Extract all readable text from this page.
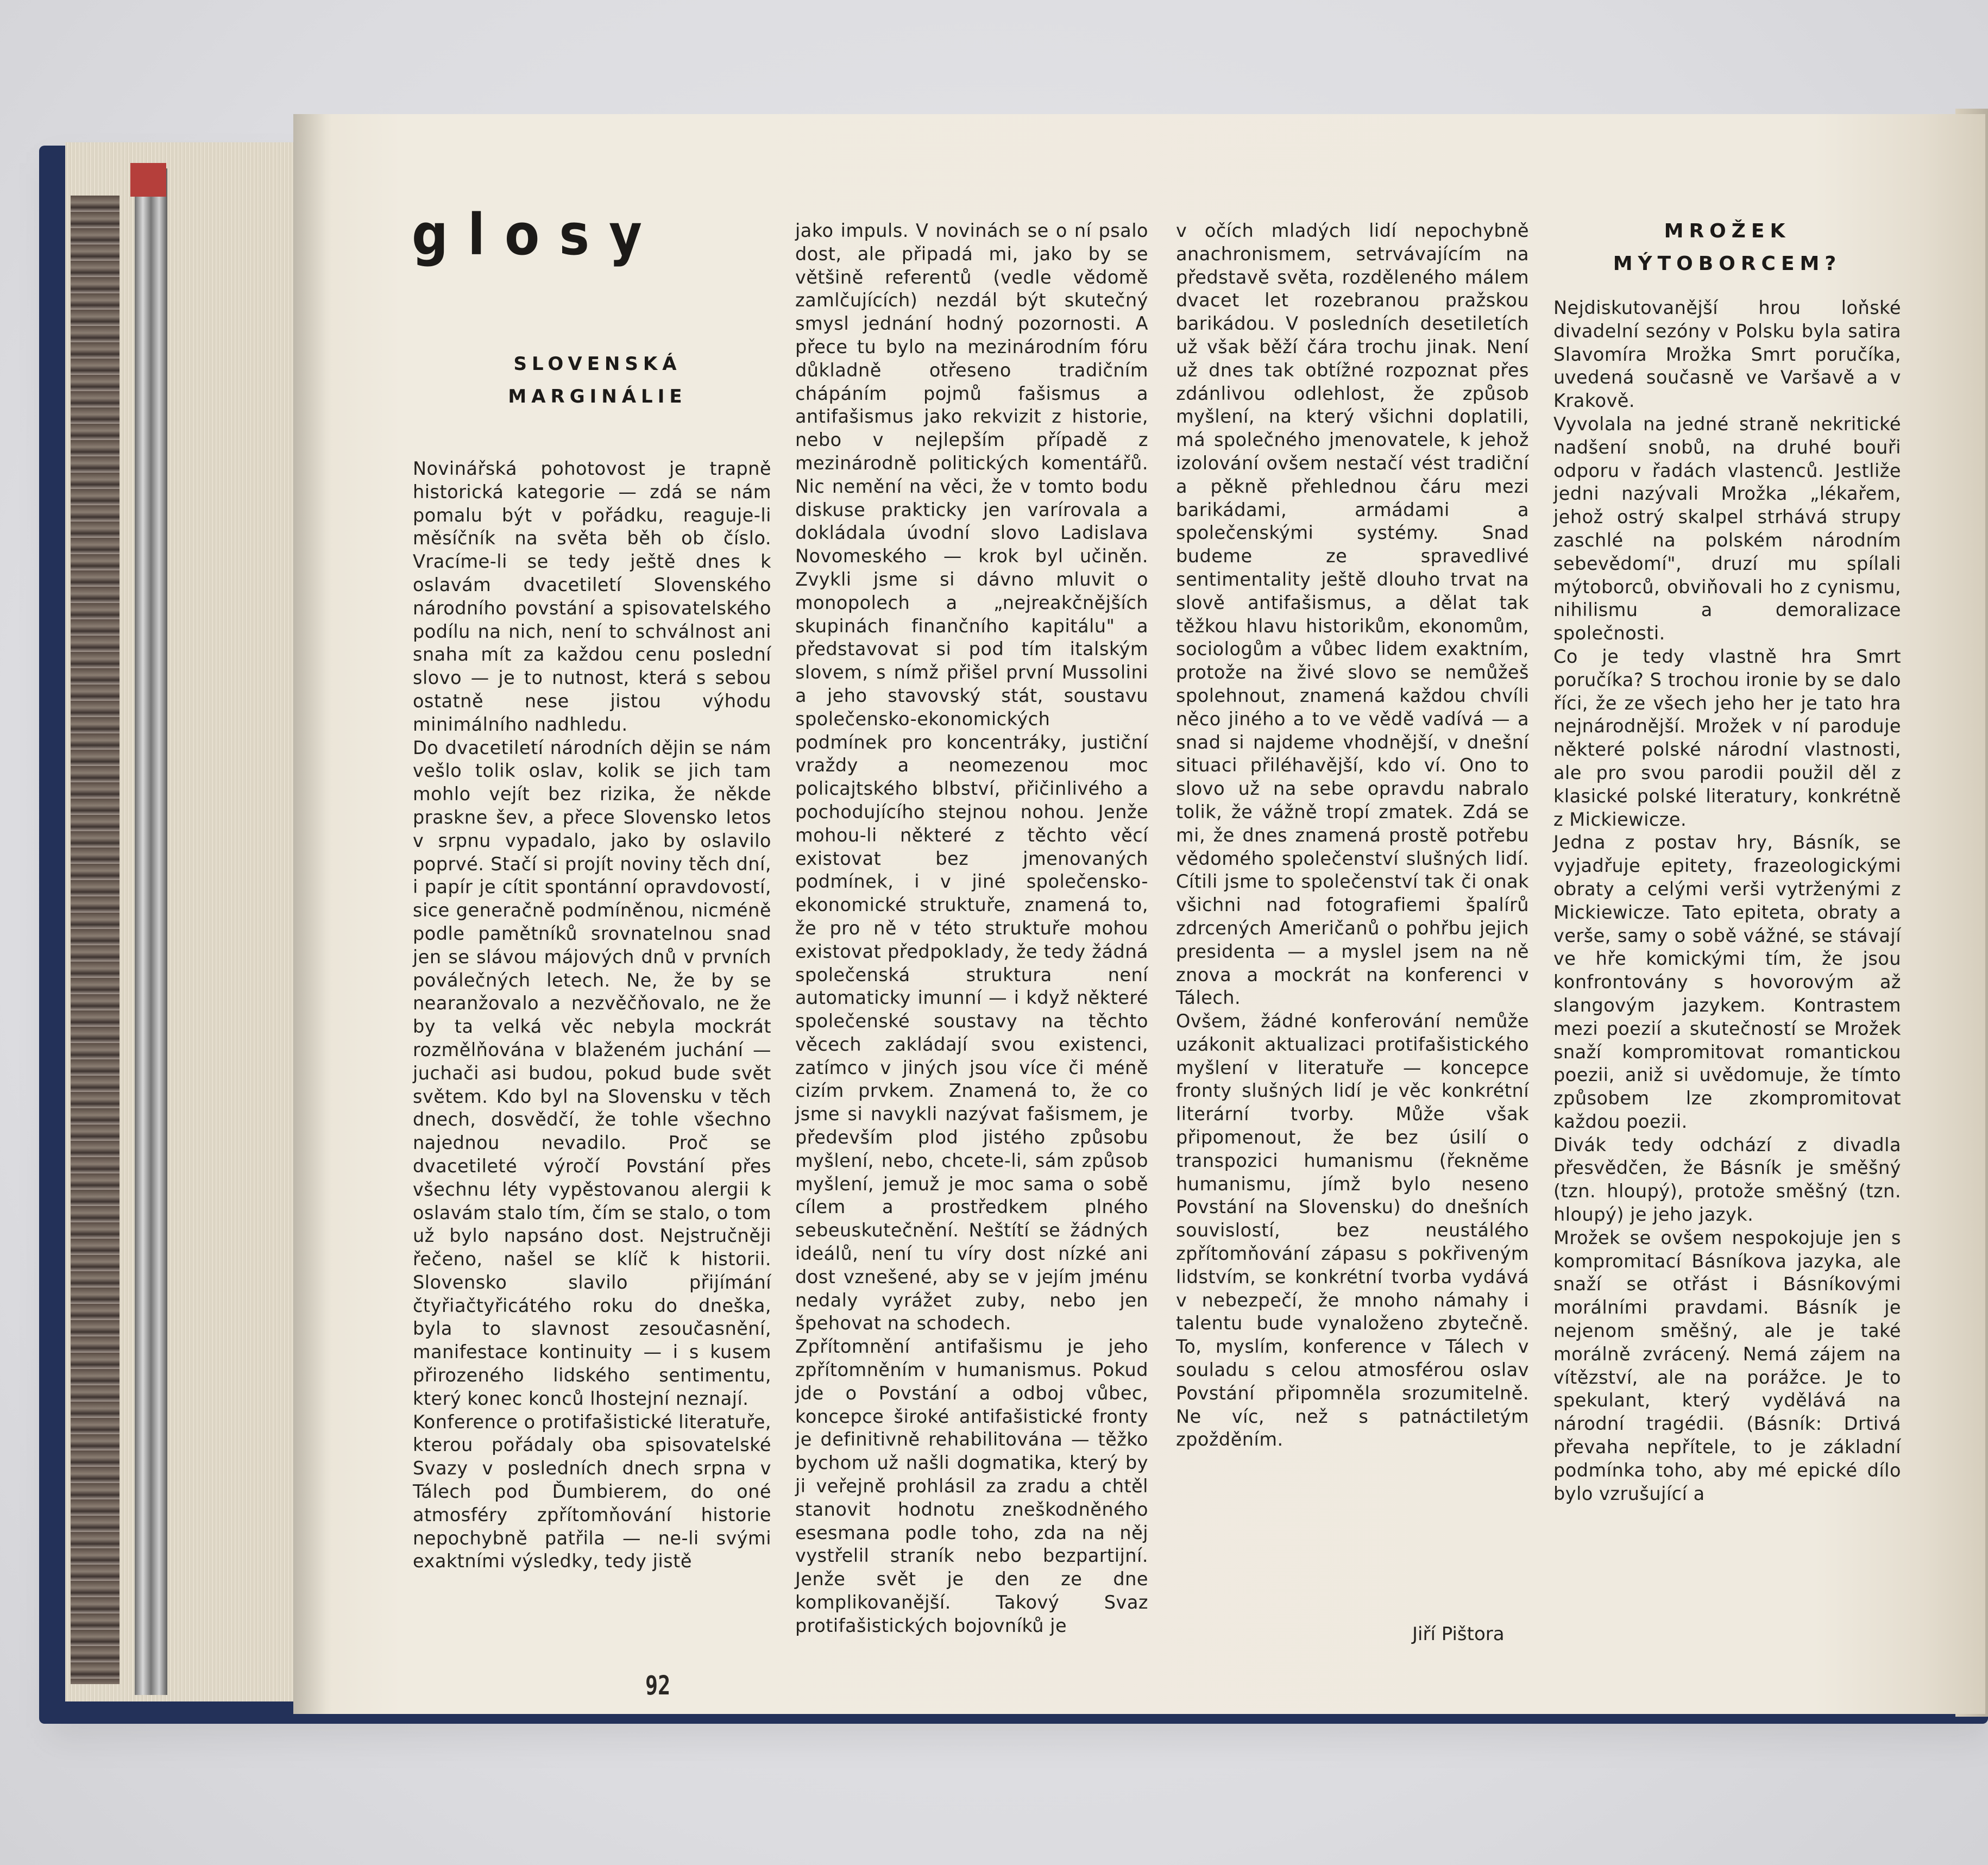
glosy
SLOVENSKÁ
MARGINÁLIE
MROŽEK
MÝTOBORCEM?

Novinářská pohotovost je trapně historická kategorie — zdá se nám pomalu být v pořádku, reaguje-li měsíčník na světa běh ob číslo. Vracíme-li se tedy ještě dnes k oslavám dvacetiletí Slovenského národního povstání a spisovatelského podílu na nich, není to schválnost ani snaha mít za každou cenu poslední slovo — je to nutnost, která s sebou ostatně nese jistou výhodu minimálního nadhledu.

Do dvacetiletí národních dějin se nám vešlo tolik oslav, kolik se jich tam mohlo vejít bez rizika, že někde praskne šev, a přece Slovensko letos v srpnu vypadalo, jako by oslavilo poprvé. Stačí si projít noviny těch dní, i papír je cítit spontánní opravdovostí, sice generačně podmíněnou, nicméně podle pamětníků srovnatelnou snad jen se slávou májových dnů v prvních poválečných letech. Ne, že by se nearanžovalo a nezvěčňovalo, ne že by ta velká věc nebyla mockrát rozmělňována v blaženém juchání — juchači asi budou, pokud bude svět světem. Kdo byl na Slovensku v těch dnech, dosvědčí, že tohle všechno najednou nevadilo. Proč se dvacetileté výročí Povstání přes všechnu léty vypěstovanou alergii k oslavám stalo tím, čím se stalo, o tom už bylo napsáno dost. Nejstručněji řečeno, našel se klíč k historii. Slovensko slavilo přijímání čtyřiačtyřicátého roku do dneška, byla to slavnost zesoučasnění, manifestace kontinuity — i s kusem přirozeného lidského sentimentu, který konec konců lhostejní neznají.

Konference o protifašistické literatuře, kterou pořádaly oba spisovatelské Svazy v posledních dnech srpna v Tálech pod Ďumbierem, do oné atmosféry zpřítomňování historie nepochybně patřila — ne-li svými exaktními výsledky, tedy jistě

jako impuls. V novinách se o ní psalo dost, ale připadá mi, jako by se většině referentů (vedle vědomě zamlčujících) nezdál být skutečný smysl jednání hodný pozornosti. A přece tu bylo na mezinárodním fóru důkladně otřeseno tradičním chápáním pojmů fašismus a antifašismus jako rekvizit z historie, nebo v nejlepším případě z mezinárodně politických komentářů. Nic nemění na věci, že v tomto bodu diskuse prakticky jen varírovala a dokládala úvodní slovo Ladislava Novomeského — krok byl učiněn. Zvykli jsme si dávno mluvit o monopolech a „nejreakčnějších skupinách finančního kapitálu" a představovat si pod tím italským slovem, s nímž přišel první Mussolini a jeho stavovský stát, soustavu společensko-ekonomických podmínek pro koncentráky, justiční vraždy a neomezenou moc policajtského blbství, přičinlivého a pochodujícího stejnou nohou. Jenže mohou-li některé z těchto věcí existovat bez jmenovaných podmínek, i v jiné společensko-ekonomické struktuře, znamená to, že pro ně v této struktuře mohou existovat předpoklady, že tedy žádná společenská struktura není automaticky imunní — i když některé společenské soustavy na těchto věcech zakládají svou existenci, zatímco v jiných jsou více či méně cizím prvkem. Znamená to, že co jsme si navykli nazývat fašismem, je především plod jistého způsobu myšlení, nebo, chcete-li, sám způsob myšlení, jemuž je moc sama o sobě cílem a prostředkem plného sebeuskutečnění. Neštítí se žádných ideálů, není tu víry dost nízké ani dost vznešené, aby se v jejím jménu nedaly vyrážet zuby, nebo jen špehovat na schodech.

Zpřítomnění antifašismu je jeho zpřítomněním v humanismus. Pokud jde o Povstání a odboj vůbec, koncepce široké antifašistické fronty je definitivně rehabilitována — těžko bychom už našli dogmatika, který by ji veřejně prohlásil za zradu a chtěl stanovit hodnotu zneškodněného esesmana podle toho, zda na něj vystřelil straník nebo bezpartijní. Jenže svět je den ze dne komplikovanější. Takový Svaz protifašistických bojovníků je

v očích mladých lidí nepochybně anachronismem, setrvávajícím na představě světa, rozděleného málem dvacet let rozebranou pražskou barikádou. V posledních desetiletích už však běží čára trochu jinak. Není už dnes tak obtížné rozpoznat přes zdánlivou odlehlost, že způsob myšlení, na který všichni doplatili, má společného jmenovatele, k jehož izolování ovšem nestačí vést tradiční a pěkně přehlednou čáru mezi barikádami, armádami a společenskými systémy. Snad budeme ze spravedlivé sentimentality ještě dlouho trvat na slově antifašismus, a dělat tak těžkou hlavu historikům, ekonomům, sociologům a vůbec lidem exaktním, protože na živé slovo se nemůžeš spolehnout, znamená každou chvíli něco jiného a to ve vědě vadívá — a snad si najdeme vhodnější, v dnešní situaci přiléhavější, kdo ví. Ono to slovo už na sebe opravdu nabralo tolik, že vážně tropí zmatek. Zdá se mi, že dnes znamená prostě potřebu vědomého společenství slušných lidí. Cítili jsme to společenství tak či onak všichni nad fotografiemi špalírů zdrcených Američanů o pohřbu jejich presidenta — a myslel jsem na ně znova a mockrát na konferenci v Tálech.

Ovšem, žádné konferování nemůže uzákonit aktualizaci protifašistického myšlení v literatuře — koncepce fronty slušných lidí je věc konkrétní literární tvorby. Může však připomenout, že bez úsilí o transpozici humanismu (řekněme humanismu, jímž bylo neseno Povstání na Slovensku) do dnešních souvislostí, bez neustálého zpřítomňování zápasu s pokřiveným lidstvím, se konkrétní tvorba vydává v nebezpečí, že mnoho námahy i talentu bude vynaloženo zbytečně. To, myslím, konference v Tálech v souladu s celou atmosférou oslav Povstání připomněla srozumitelně. Ne víc, než s patnáctiletým zpožděním.

Jiří Pištora

Nejdiskutovanější hrou loňské divadelní sezóny v Polsku byla satira Slavomíra Mrožka Smrt poručíka, uvedená současně ve Varšavě a v Krakově.

Vyvolala na jedné straně nekritické nadšení snobů, na druhé bouři odporu v řadách vlastenců. Jestliže jedni nazývali Mrožka „lékařem, jehož ostrý skalpel strhává strupy zaschlé na polském národním sebevědomí", druzí mu spílali mýtoborců, obviňovali ho z cynismu, nihilismu a demoralizace společnosti.

Co je tedy vlastně hra Smrt poručíka? S trochou ironie by se dalo říci, že ze všech jeho her je tato hra nejnárodnější. Mrožek v ní paroduje některé polské národní vlastnosti, ale pro svou parodii použil děl z klasické polské literatury, konkrétně z Mickiewicze.

Jedna z postav hry, Básník, se vyjadřuje epitety, frazeologickými obraty a celými verši vytrženými z Mickiewicze. Tato epiteta, obraty a verše, samy o sobě vážné, se stávají ve hře komickými tím, že jsou konfrontovány s hovorovým až slangovým jazykem. Kontrastem mezi poezií a skutečností se Mrožek snaží kompromitovat romantickou poezii, aniž si uvědomuje, že tímto způsobem lze zkompromitovat každou poezii.

Divák tedy odchází z divadla přesvědčen, že Básník je směšný (tzn. hloupý), protože směšný (tzn. hloupý) je jeho jazyk.

Mrožek se ovšem nespokojuje jen s kompromitací Básníkova jazyka, ale snaží se otřást i Básníkovými morálními pravdami. Básník je nejenom směšný, ale je také morálně zvrácený. Nemá zájem na vítězství, ale na porážce. Je to spekulant, který vydělává na národní tragédii. (Básník: Drtivá převaha nepřítele, to je základní podmínka toho, aby mé epické dílo bylo vzrušující a

92
